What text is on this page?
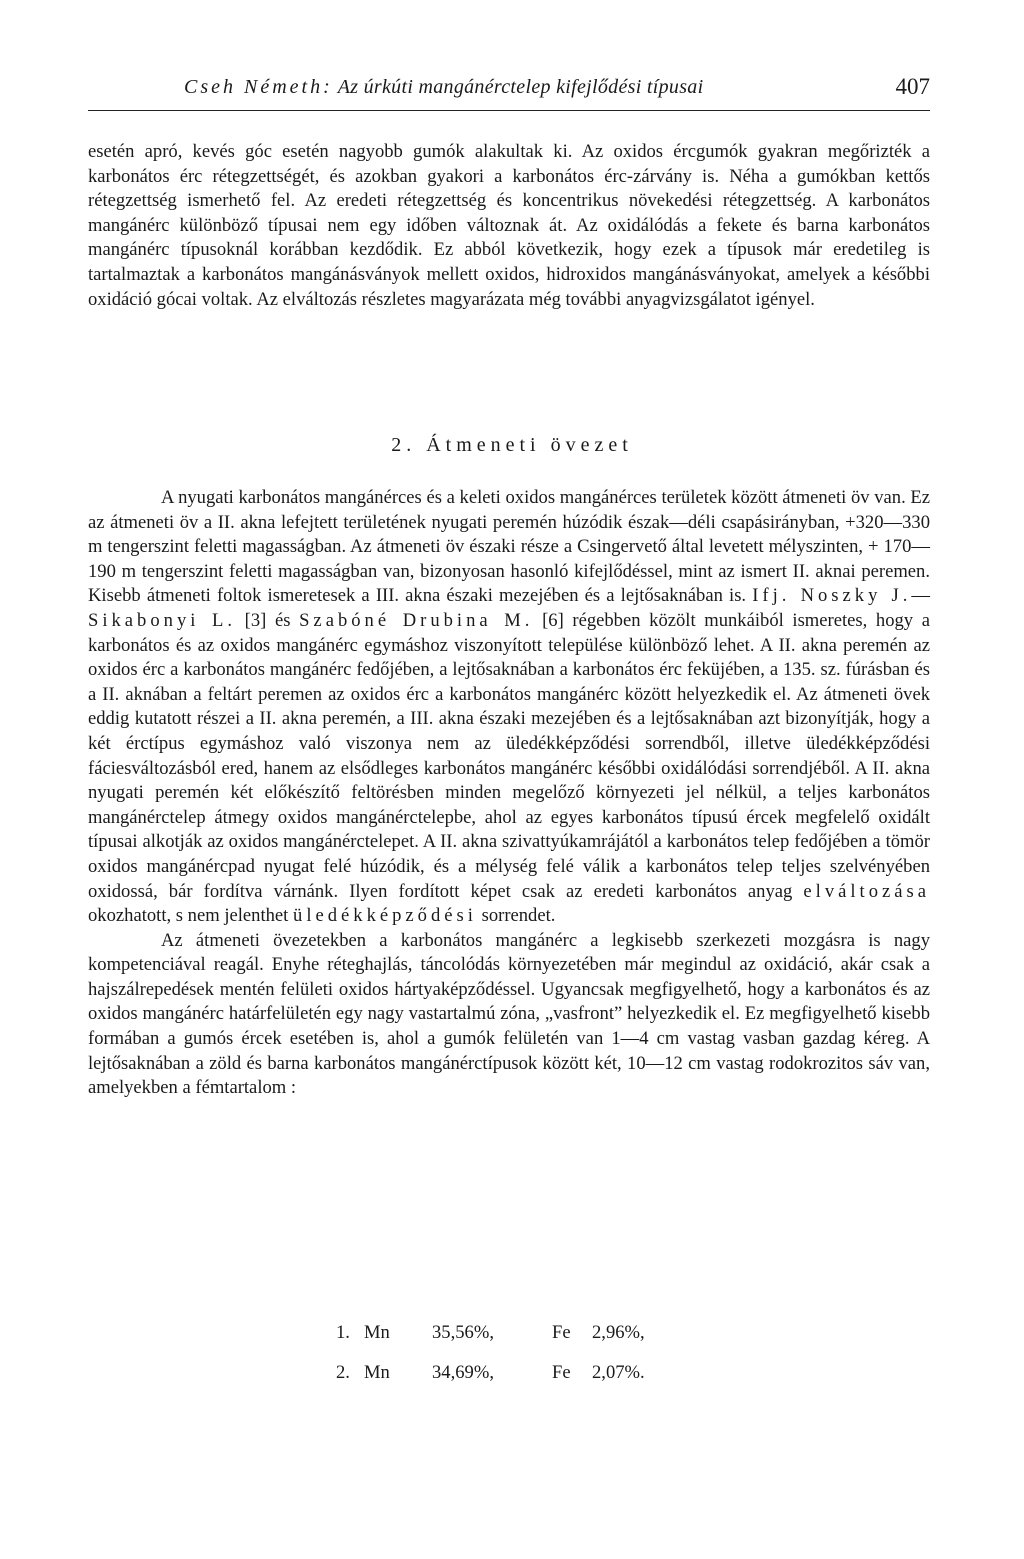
Cseh Németh: Az úrkúti mangánércteleр kifejlődési típusai	407

esetén apró, kevés góc esetén nagyobb gumók alakultak ki. Az oxidos ércgumók gyakran megőrizték a karbonátos érc rétegzettségét, és azokban gyakori a karbonátos érc-zárvány is. Néha a gumókban kettős rétegzettség ismerhető fel. Az eredeti rétegzettség és koncentrikus növekedési rétegzettség. A karbonátos mangánérc különböző típusai nem egy időben változnak át. Az oxidálódás a fekete és barna karbonátos mangánérc típusoknál korábban kezdődik. Ez abból következik, hogy ezek a típusok már eredetileg is tartalmaztak a karbonátos mangánásványok mellett oxidos, hidroxidos mangánásványokat, amelyek a későbbi oxidáció gócai voltak. Az elváltozás részletes magyarázata még további anyagvizsgálatot igényel.

2. Átmeneti övezet

A nyugati karbonátos mangánérces és a keleti oxidos mangánérces területek között átmeneti öv van. Ez az átmeneti öv a II. akna lefejtett területének nyugati peremén húzódik észak—déli csapásirányban, +320—330 m tengerszint feletti magasságban. Az átmeneti öv északi része a Csingervető által levetett mélyszinten, + 170—190 m tengerszint feletti magasságban van, bizonyosan hasonló kifejlődéssel, mint az ismert II. aknai peremen. Kisebb átmeneti foltok ismeretesek a III. akna északi mezejében és a lejtősaknában is. Ifj. Noszky J.—Sikabonyi L. [3] és Szabóné Drubina M. [6] régebben közölt munkáiból ismeretes, hogy a karbonátos és az oxidos mangánérc egymáshoz viszonyított települése különböző lehet. A II. akna peremén az oxidos érc a karbonátos mangánérc fedőjében, a lejtősaknában a karbonátos érc feküjében, a 135. sz. fúrásban és a II. aknában a feltárt peremen az oxidos érc a karbonátos mangánérc között helyezkedik el. Az átmeneti övek eddig kutatott részei a II. akna peremén, a III. akna északi mezejében és a lejtősaknában azt bizonyítják, hogy a két érctípus egymáshoz való viszonya nem az üledékképződési sorrendből, illetve üledékképződési fáciesváltozásból ered, hanem az elsődleges karbonátos mangánérc későbbi oxidálódási sorrendjéből. A II. akna nyugati peremén két előkészítő feltörésben minden megelőző környezeti jel nélkül, a teljes karbonátos mangánércteleр átmegy oxidos mangánércteleрbe, ahol az egyes karbonátos típusú ércek megfelelő oxidált típusai alkotják az oxidos mangánércteleрet. A II. akna szivattyúkamrájától a karbonátos telep fedőjében a tömör oxidos mangánércpad nyugat felé húzódik, és a mélység felé válik a karbonátos telep teljes szelvényében oxidossá, bár fordítva várnánk. Ilyen fordított képet csak az eredeti karbonátos anyag elváltozása okozhatott, s nem jelenthet üledékképződési sorrendet.

Az átmeneti övezetekben a karbonátos mangánérc a legkisebb szerkezeti mozgásra is nagy kompetenciával reagál. Enyhe réteghajlás, táncolódás környezetében már megindul az oxidáció, akár csak a hajszálrepedések mentén felületi oxidos hártyaképződéssel. Ugyancsak megfigyelhető, hogy a karbonátos és az oxidos mangánérc határfelületén egy nagy vastartalmú zóna, „vasfront” helyezkedik el. Ez megfigyelhető kisebb formában a gumós ércek esetében is, ahol a gumók felületén van 1—4 cm vastag vasban gazdag kéreg. A lejtősaknában a zöld és barna karbonátos mangánérctípusok között két, 10—12 cm vastag rodokrozitos sáv van, amelyekben a fémtartalom :

1. Mn 35,56%,	Fe 2,96%,
2. Mn 34,69%,	Fe 2,07%.
